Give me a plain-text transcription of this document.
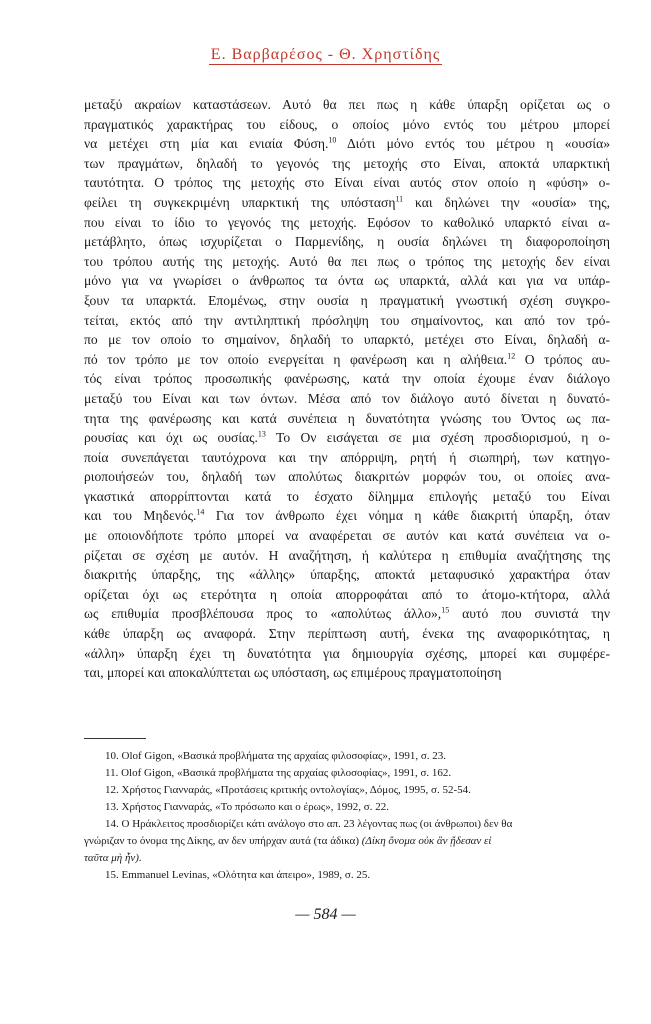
Ε. Βαρβαρέσος - Θ. Χρηστίδης
μεταξύ ακραίων καταστάσεων. Αυτό θα πει πως η κάθε ύπαρξη ορίζεται ως ο
πραγματικός χαρακτήρας του είδους, ο οποίος μόνο εντός του μέτρου μπορεί
να μετέχει στη μία και ενιαία Φύση.$^{10}$ Διότι μόνο εντός του μέτρου η «ουσία»
των πραγμάτων, δηλαδή το γεγονός της μετοχής στο Είναι, αποκτά υπαρκτική
ταυτότητα. Ο τρόπος της μετοχής στο Είναι είναι αυτός στον οποίο η «φύση» ο-
φείλει τη συγκεκριμένη υπαρκτική της υπόσταση$^{11}$ και δηλώνει την «ουσία» της,
που είναι το ίδιο το γεγονός της μετοχής. Εφόσον το καθολικό υπαρκτό είναι α-
μετάβλητο, όπως ισχυρίζεται ο Παρμενίδης, η ουσία δηλώνει τη διαφοροποίηση
του τρόπου αυτής της μετοχής. Αυτό θα πει πως ο τρόπος της μετοχής δεν είναι
μόνο για να γνωρίσει ο άνθρωπος τα όντα ως υπαρκτά, αλλά και για να υπάρ-
ξουν τα υπαρκτά. Επομένως, στην ουσία η πραγματική γνωστική σχέση συγκρο-
τείται, εκτός από την αντιληπτική πρόσληψη του σημαίνοντος, και από τον τρό-
πο με τον οποίο το σημαίνον, δηλαδή το υπαρκτό, μετέχει στο Είναι, δηλαδή α-
πό τον τρόπο με τον οποίο ενεργείται η φανέρωση και η αλήθεια.$^{12}$ Ο τρόπος αυ-
τός είναι τρόπος προσωπικής φανέρωσης, κατά την οποία έχουμε έναν διάλογο
μεταξύ του Είναι και των όντων. Μέσα από τον διάλογο αυτό δίνεται η δυνατό-
τητα της φανέρωσης και κατά συνέπεια η δυνατότητα γνώσης του Όντος ως πα-
ρουσίας και όχι ως ουσίας.$^{13}$ Το Ον εισάγεται σε μια σχέση προσδιορισμού, η ο-
ποία συνεπάγεται ταυτόχρονα και την απόρριψη, ρητή ή σιωπηρή, των κατηγο-
ριοποιήσεών του, δηλαδή των απολύτως διακριτών μορφών του, οι οποίες ανα-
γκαστικά απορρίπτονται κατά το έσχατο δίλημμα επιλογής μεταξύ του Είναι
και του Μηδενός.$^{14}$ Για τον άνθρωπο έχει νόημα η κάθε διακριτή ύπαρξη, όταν
με οποιονδήποτε τρόπο μπορεί να αναφέρεται σε αυτόν και κατά συνέπεια να ο-
ρίζεται σε σχέση με αυτόν. Η αναζήτηση, ή καλύτερα η επιθυμία αναζήτησης της
διακριτής ύπαρξης, της «άλλης» ύπαρξης, αποκτά μεταφυσικό χαρακτήρα όταν
ορίζεται όχι ως ετερότητα η οποία απορροφάται από το άτομο-κτήτορα, αλλά
ως επιθυμία προσβλέπουσα προς το «απολύτως άλλο»,$^{15}$ αυτό που συνιστά την
κάθε ύπαρξη ως αναφορά. Στην περίπτωση αυτή, ένεκα της αναφορικότητας, η
«άλλη» ύπαρξη έχει τη δυνατότητα για δημιουργία σχέσης, μπορεί και συμφέρε-
ται, μπορεί και αποκαλύπτεται ως υπόσταση, ως επιμέρους πραγματοποίηση
10. Olof Gigon, «Βασικά προβλήματα της αρχαίας φιλοσοφίας», 1991, σ. 23.
11. Olof Gigon, «Βασικά προβλήματα της αρχαίας φιλοσοφίας», 1991, σ. 162.
12. Χρήστος Γιανναράς, «Προτάσεις κριτικής οντολογίας», Δόμος, 1995, σ. 52-54.
13. Χρήστος Γιανναράς, «Το πρόσωπο και ο έρως», 1992, σ. 22.
14. Ο Ηράκλειτος προσδιορίζει κάτι ανάλογο στο απ. 23 λέγοντας πως (οι άνθρωποι) δεν θα
γνώριζαν το όνομα της Δίκης, αν δεν υπήρχαν αυτά (τα άδικα) (Δίκη ὄνομα οὐκ ἂν ᾔδεσαν εἰ
ταῦτα μὴ ἦν).
15. Emmanuel Levinas, «Ολότητα και άπειρο», 1989, σ. 25.
— 584 —
